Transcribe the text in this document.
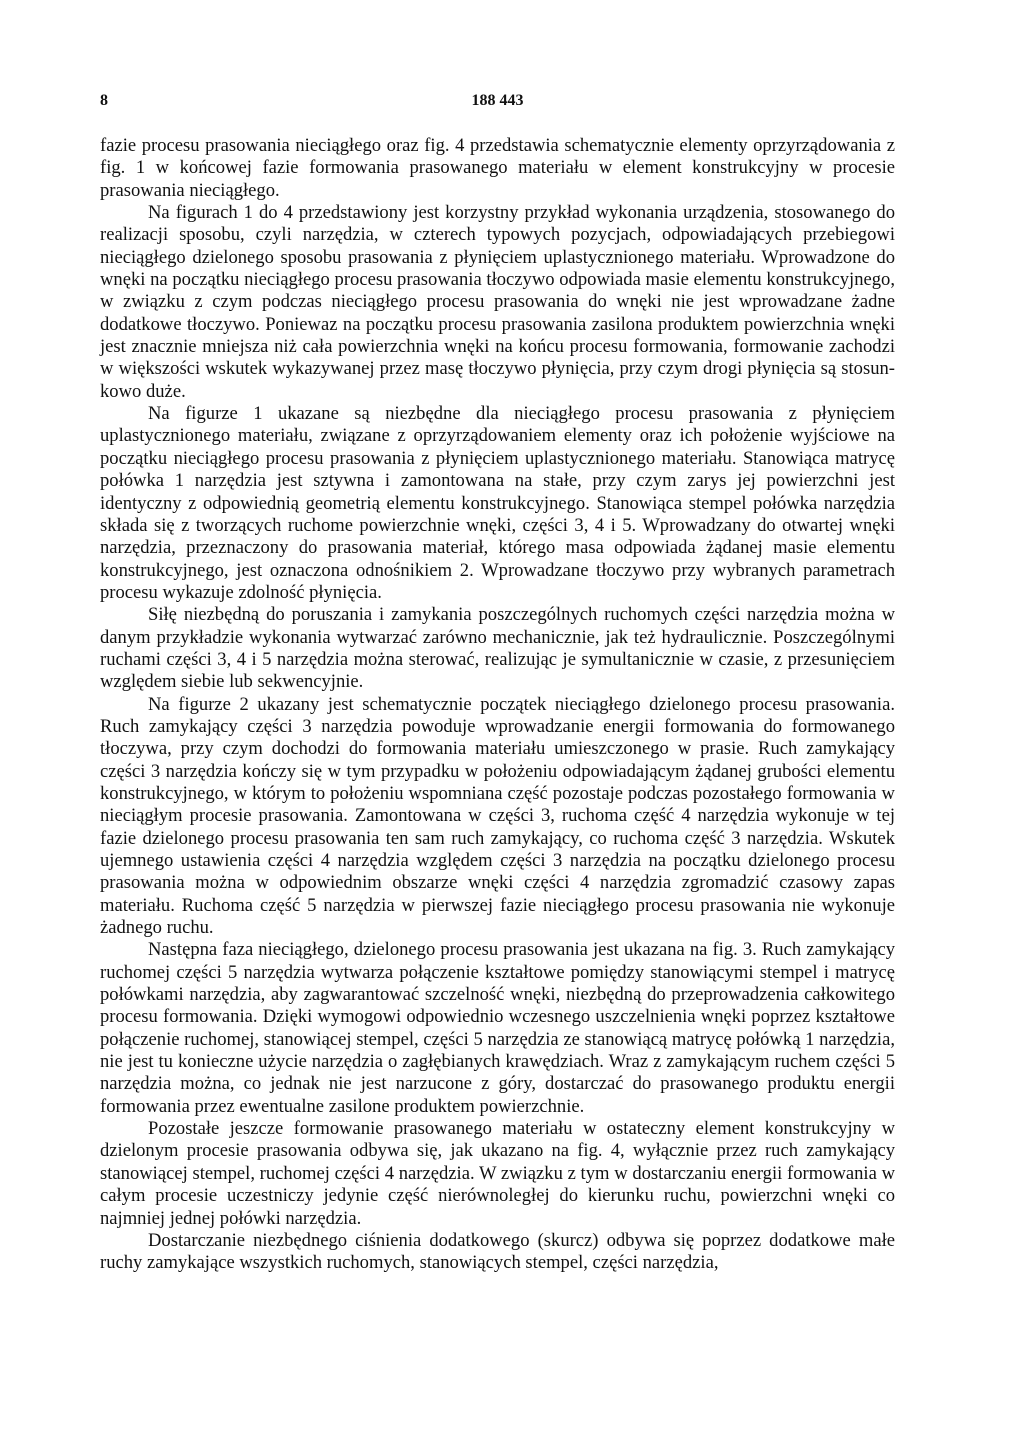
8	188 443

fazie procesu prasowania nieciągłego oraz fig. 4 przedstawia schematycznie elementy oprzyrządowania z fig. 1 w końcowej fazie formowania prasowanego materiału w element konstrukcyjny w procesie prasowania nieciągłego.

Na figurach 1 do 4 przedstawiony jest korzystny przykład wykonania urządzenia, stosowanego do realizacji sposobu, czyli narzędzia, w czterech typowych pozycjach, odpowiadających przebiegowi nieciągłego dzielonego sposobu prasowania z płynięciem uplastycznionego materiału. Wprowadzone do wnęki na początku nieciągłego procesu prasowania tłoczywo odpowiada masie elementu konstrukcyjnego, w związku z czym podczas nieciągłego procesu prasowania do wnęki nie jest wprowadzane żadne dodatkowe tłoczywo. Poniewaz na początku procesu prasowania zasilona produktem powierzchnia wnęki jest znacznie mniejsza niż cała powierzchnia wnęki na końcu procesu formowania, formowanie zachodzi w większości wskutek wykazywanej przez masę tłoczywo płynięcia, przy czym drogi płynięcia są stosunkowo duże.

Na figurze 1 ukazane są niezbędne dla nieciągłego procesu prasowania z płynięciem uplastycznionego materiału, związane z oprzyrządowaniem elementy oraz ich położenie wyjściowe na początku nieciągłego procesu prasowania z płynięciem uplastycznionego materiału. Stanowiąca matrycę połówka 1 narzędzia jest sztywna i zamontowana na stałe, przy czym zarys jej powierzchni jest identyczny z odpowiednią geometrią elementu konstrukcyjnego. Stanowiąca stempel połówka narzędzia składa się z tworzących ruchome powierzchnie wnęki, części 3, 4 i 5. Wprowadzany do otwartej wnęki narzędzia, przeznaczony do prasowania materiał, którego masa odpowiada żądanej masie elementu konstrukcyjnego, jest oznaczona odnośnikiem 2. Wprowadzane tłoczywo przy wybranych parametrach procesu wykazuje zdolność płynięcia.

Siłę niezbędną do poruszania i zamykania poszczególnych ruchomych części narzędzia można w danym przykładzie wykonania wytwarzać zarówno mechanicznie, jak też hydraulicznie. Poszczególnymi ruchami części 3, 4 i 5 narzędzia można sterować, realizując je symultanicznie w czasie, z przesunięciem względem siebie lub sekwencyjnie.

Na figurze 2 ukazany jest schematycznie początek nieciągłego dzielonego procesu prasowania. Ruch zamykający części 3 narzędzia powoduje wprowadzanie energii formowania do formowanego tłoczywa, przy czym dochodzi do formowania materiału umieszczonego w prasie. Ruch zamykający części 3 narzędzia kończy się w tym przypadku w położeniu odpowiadającym żądanej grubości elementu konstrukcyjnego, w którym to położeniu wspomniana część pozostaje podczas pozostałego formowania w nieciągłym procesie prasowania. Zamontowana w części 3, ruchoma część 4 narzędzia wykonuje w tej fazie dzielonego procesu prasowania ten sam ruch zamykający, co ruchoma część 3 narzędzia. Wskutek ujemnego ustawienia części 4 narzędzia względem części 3 narzędzia na początku dzielonego procesu prasowania można w odpowiednim obszarze wnęki części 4 narzędzia zgromadzić czasowy zapas materiału. Ruchoma część 5 narzędzia w pierwszej fazie nieciągłego procesu prasowania nie wykonuje żadnego ruchu.

Następna faza nieciągłego, dzielonego procesu prasowania jest ukazana na fig. 3. Ruch zamykający ruchomej części 5 narzędzia wytwarza połączenie kształtowe pomiędzy stanowiącymi stempel i matrycę połówkami narzędzia, aby zagwarantować szczelność wnęki, niezbędną do przeprowadzenia całkowitego procesu formowania. Dzięki wymogowi odpowiednio wczesnego uszczelnienia wnęki poprzez kształtowe połączenie ruchomej, stanowiącej stempel, części 5 narzędzia ze stanowiącą matrycę połówką 1 narzędzia, nie jest tu konieczne użycie narzędzia o zagłębianych krawędziach. Wraz z zamykającym ruchem części 5 narzędzia można, co jednak nie jest narzucone z góry, dostarczać do prasowanego produktu energii formowania przez ewentualne zasilone produktem powierzchnie.

Pozostałe jeszcze formowanie prasowanego materiału w ostateczny element konstrukcyjny w dzielonym procesie prasowania odbywa się, jak ukazano na fig. 4, wyłącznie przez ruch zamykający stanowiącej stempel, ruchomej części 4 narzędzia. W związku z tym w dostarczaniu energii formowania w całym procesie uczestniczy jedynie część nierównoległej do kierunku ruchu, powierzchni wnęki co najmniej jednej połówki narzędzia.

Dostarczanie niezbędnego ciśnienia dodatkowego (skurcz) odbywa się poprzez dodatkowe małe ruchy zamykające wszystkich ruchomych, stanowiących stempel, części narzędzia,
